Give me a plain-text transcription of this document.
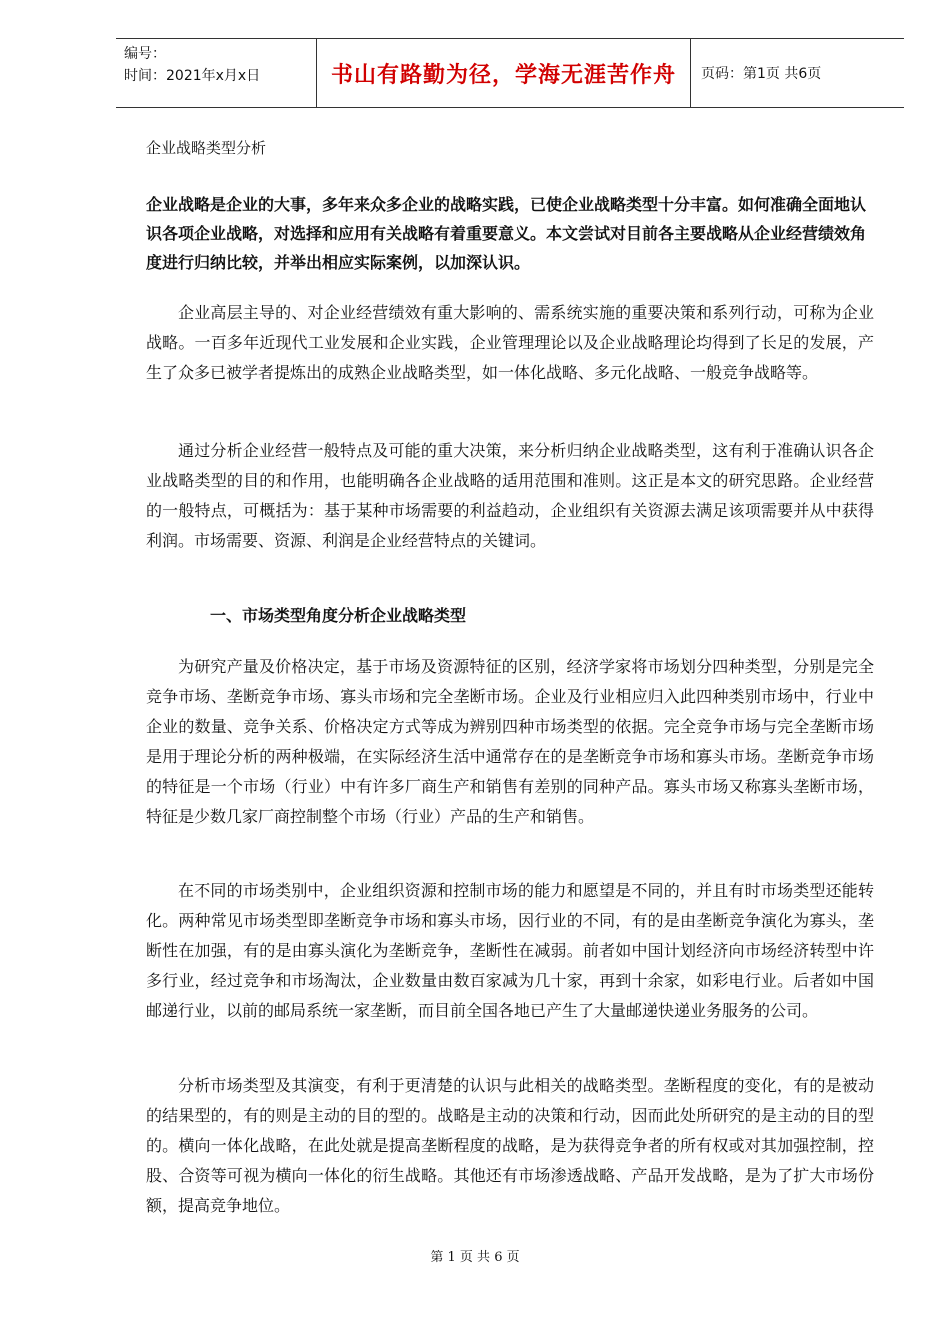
编号：
时间：2021年x月x日	书山有路勤为径，学海无涯苦作舟 页码：第1页 共6页
企业战略类型分析
企业战略是企业的大事，多年来众多企业的战略实践，已使企业战略类型十分丰富。如何准确全面地认识各项企业战略，对选择和应用有关战略有着重要意义。本文尝试对目前各主要战略从企业经营绩效角度进行归纳比较，并举出相应实际案例，以加深认识。
企业高层主导的、对企业经营绩效有重大影响的、需系统实施的重要决策和系列行动，可称为企业战略。一百多年近现代工业发展和企业实践，企业管理理论以及企业战略理论均得到了长足的发展，产生了众多已被学者提炼出的成熟企业战略类型，如一体化战略、多元化战略、一般竞争战略等。
通过分析企业经营一般特点及可能的重大决策，来分析归纳企业战略类型，这有利于准确认识各企业战略类型的目的和作用，也能明确各企业战略的适用范围和准则。这正是本文的研究思路。企业经营的一般特点，可概括为：基于某种市场需要的利益趋动，企业组织有关资源去满足该项需要并从中获得利润。市场需要、资源、利润是企业经营特点的关键词。
一、市场类型角度分析企业战略类型
为研究产量及价格决定，基于市场及资源特征的区别，经济学家将市场划分四种类型，分别是完全竞争市场、垄断竞争市场、寡头市场和完全垄断市场。企业及行业相应归入此四种类别市场中，行业中企业的数量、竞争关系、价格决定方式等成为辨别四种市场类型的依据。完全竞争市场与完全垄断市场是用于理论分析的两种极端，在实际经济生活中通常存在的是垄断竞争市场和寡头市场。垄断竞争市场的特征是一个市场（行业）中有许多厂商生产和销售有差别的同种产品。寡头市场又称寡头垄断市场，特征是少数几家厂商控制整个市场（行业）产品的生产和销售。
在不同的市场类别中，企业组织资源和控制市场的能力和愿望是不同的，并且有时市场类型还能转化。两种常见市场类型即垄断竞争市场和寡头市场，因行业的不同，有的是由垄断竞争演化为寡头，垄断性在加强，有的是由寡头演化为垄断竞争，垄断性在减弱。前者如中国计划经济向市场经济转型中许多行业，经过竞争和市场淘汰，企业数量由数百家减为几十家，再到十余家，如彩电行业。后者如中国邮递行业，以前的邮局系统一家垄断，而目前全国各地已产生了大量邮递快递业务服务的公司。
分析市场类型及其演变，有利于更清楚的认识与此相关的战略类型。垄断程度的变化，有的是被动的结果型的，有的则是主动的目的型的。战略是主动的决策和行动，因而此处所研究的是主动的目的型的。横向一体化战略，在此处就是提高垄断程度的战略，是为获得竞争者的所有权或对其加强控制，控股、合资等可视为横向一体化的衍生战略。其他还有市场渗透战略、产品开发战略，是为了扩大市场份额，提高竞争地位。
第 1 页 共 6 页
